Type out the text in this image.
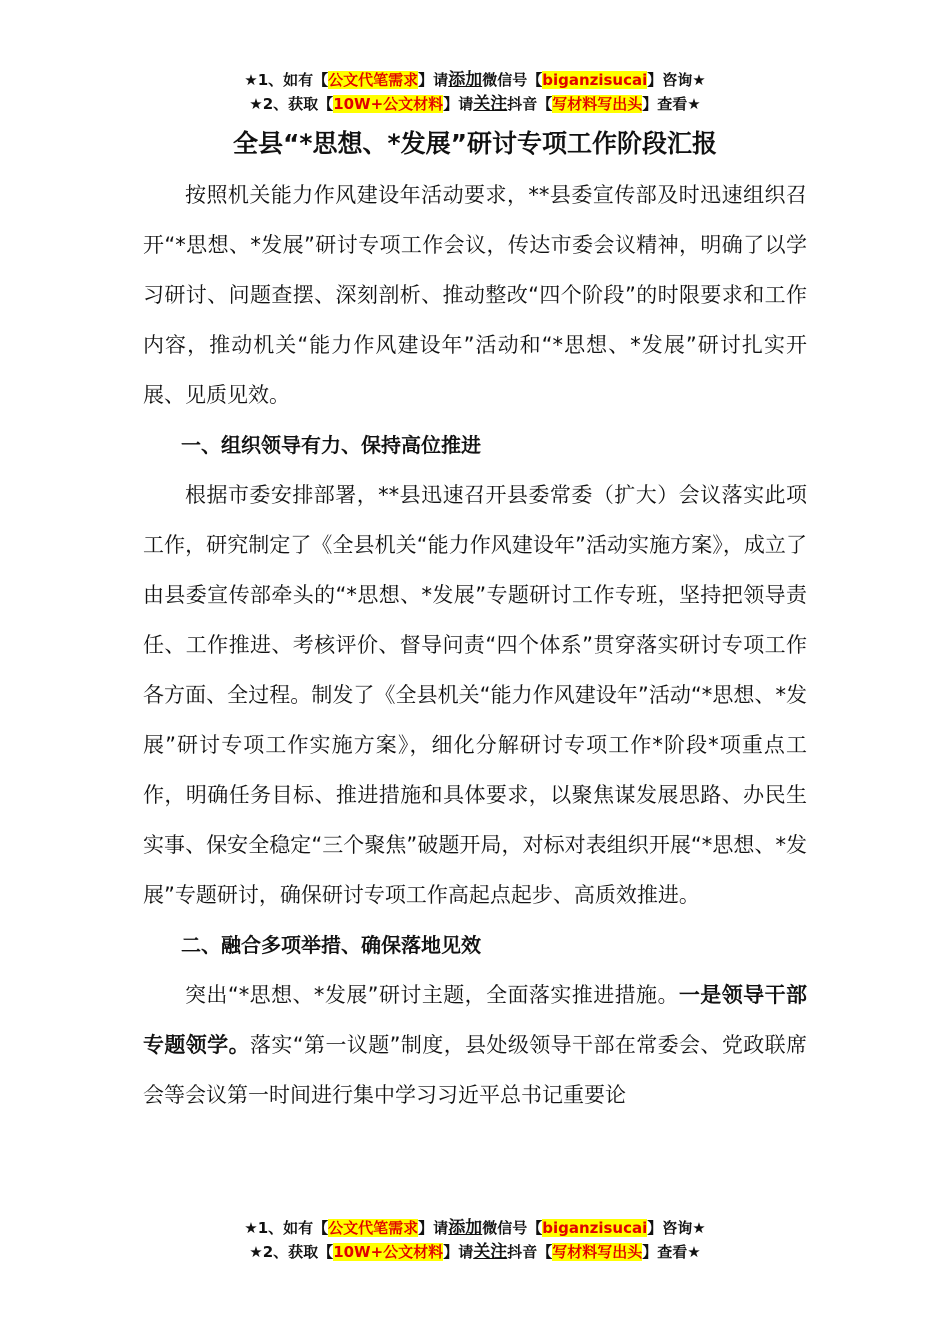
★1、如有【公文代笔需求】请添加微信号【biganzisucai】咨询★
★2、获取【10W+公文材料】请关注抖音【写材料写出头】查看★
全县“*思想、*发展”研讨专项工作阶段汇报

按照机关能力作风建设年活动要求，**县委宣传部及时迅速组织召开“*思想、*发展”研讨专项工作会议，传达市委会议精神，明确了以学习研讨、问题查摆、深刻剖析、推动整改“四个阶段”的时限要求和工作内容，推动机关“能力作风建设年”活动和“*思想、*发展”研讨扎实开展、见质见效。

一、组织领导有力、保持高位推进

根据市委安排部署，**县迅速召开县委常委（扩大）会议落实此项工作，研究制定了《全县机关“能力作风建设年”活动实施方案》，成立了由县委宣传部牵头的“*思想、*发展”专题研讨工作专班，坚持把领导责任、工作推进、考核评价、督导问责“四个体系”贯穿落实研讨专项工作各方面、全过程。制发了《全县机关“能力作风建设年”活动“*思想、*发展”研讨专项工作实施方案》，细化分解研讨专项工作*阶段*项重点工作，明确任务目标、推进措施和具体要求，以聚焦谋发展思路、办民生实事、保安全稳定“三个聚焦”破题开局，对标对表组织开展“*思想、*发展”专题研讨，确保研讨专项工作高起点起步、高质效推进。

二、融合多项举措、确保落地见效

突出“*思想、*发展”研讨主题，全面落实推进措施。一是领导干部专题领学。落实“第一议题”制度，县处级领导干部在常委会、党政联席会等会议第一时间进行集中学习习近平总书记重要论

★1、如有【公文代笔需求】请添加微信号【biganzisucai】咨询★
★2、获取【10W+公文材料】请关注抖音【写材料写出头】查看★
